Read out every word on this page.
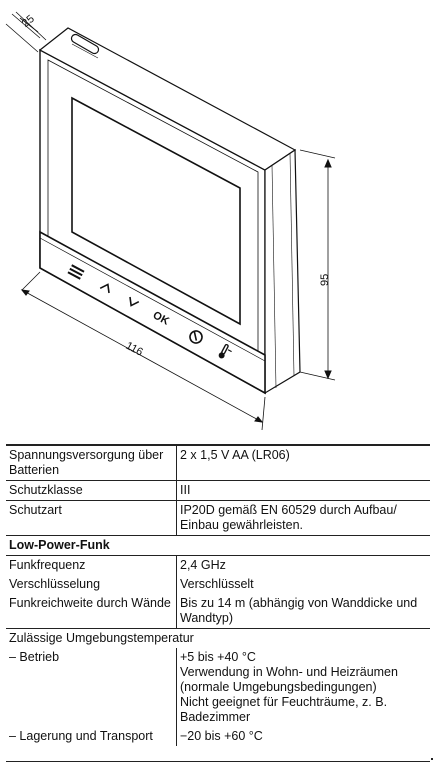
25
116
95
OK
Spannungsversorgung über Batterien	2 x 1,5 V AA (LR06)
Schutzklasse	III
Schutzart	IP20D gemäß EN 60529 durch Aufbau/ Einbau gewährleisten.
Low-Power-Funk	
Funkfrequenz	2,4 GHz
Verschlüsselung	Verschlüsselt
Funkreichweite durch Wände	Bis zu 14 m (abhängig von Wanddicke und Wandtyp)
Zulässige Umgebungstemperatur	
– Betrieb	+5 bis +40 °C
Verwendung in Wohn- und Heizräumen (normale Umgebungsbedingungen)
Nicht geeignet für Feuchträume, z. B. Badezimmer
– Lagerung und Transport	−20 bis +60 °C
